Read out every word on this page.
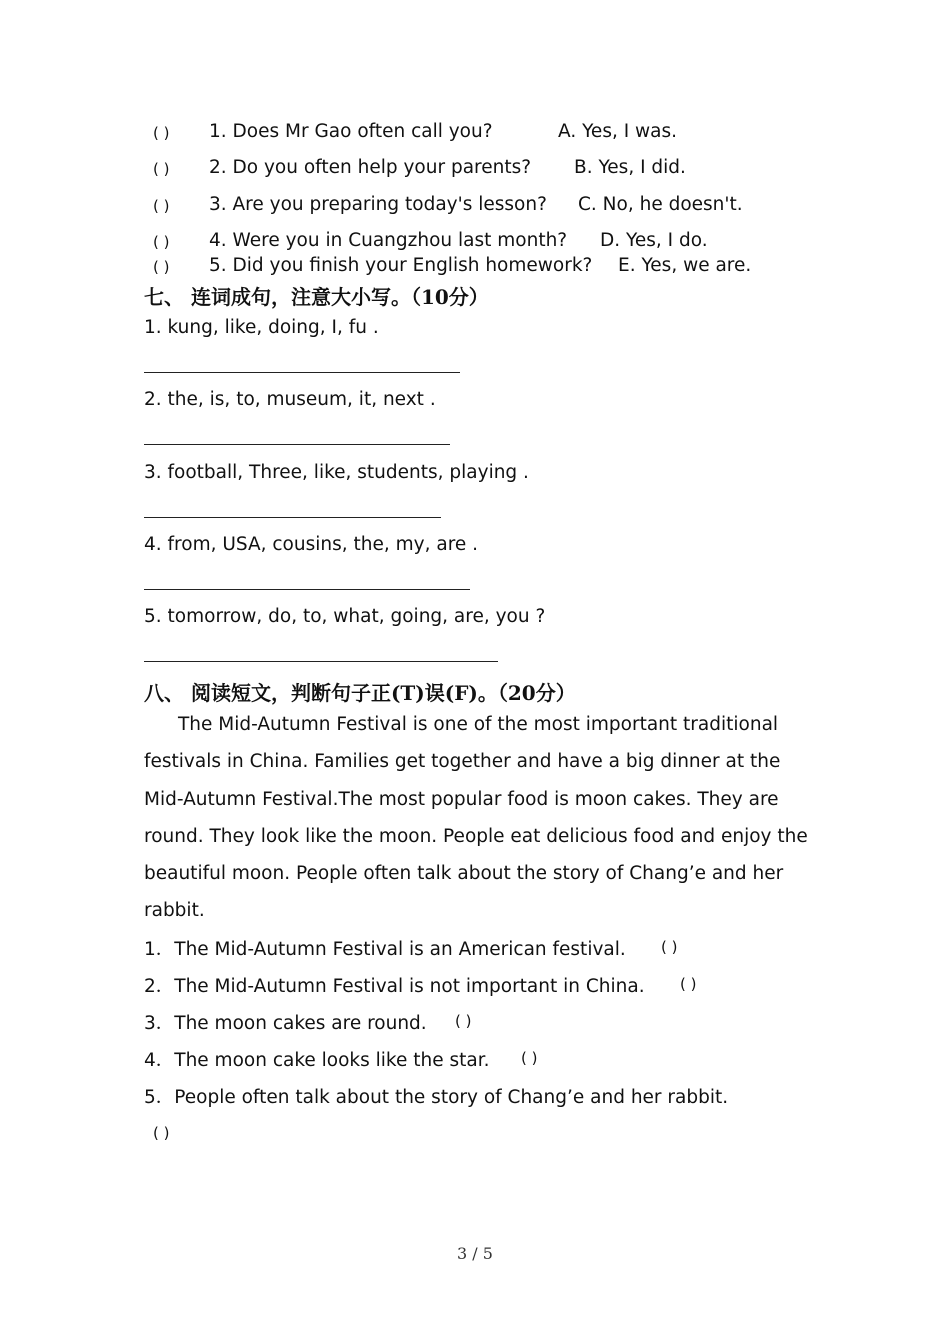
( ) 1. Does Mr Gao often call you?	A. Yes, I was.
( ) 2. Do you often help your parents? B. Yes, I did.
( ) 3. Are you preparing today's lesson? C. No, he doesn't.
( ) 4. Were you in Cuangzhou last month? D. Yes, I do.
( ) 5. Did you finish your English homework? E. Yes, we are.
七、 连词成句，注意大小写。（10分）
1. kung, like, doing, I, fu .
2. the, is, to, museum, it, next .
3. football, Three, like, students, playing .
4. from, USA, cousins, the, my, are .
5. tomorrow, do, to, what, going, are, you ?
八、 阅读短文，判断句子正(T)误(F)。（20分）
The Mid-Autumn Festival is one of the most important traditional festivals in China. Families get together and have a big dinner at the Mid-Autumn Festival.The most popular food is moon cakes. They are round. They look like the moon. People eat delicious food and enjoy the beautiful moon. People often talk about the story of Chang’e and her rabbit.
1．The Mid-Autumn Festival is an American festival. ( )
2．The Mid-Autumn Festival is not important in China. ( )
3．The moon cakes are round. ( )
4．The moon cake looks like the star. ( )
5．People often talk about the story of Chang’e and her rabbit.
( )
3 / 5
